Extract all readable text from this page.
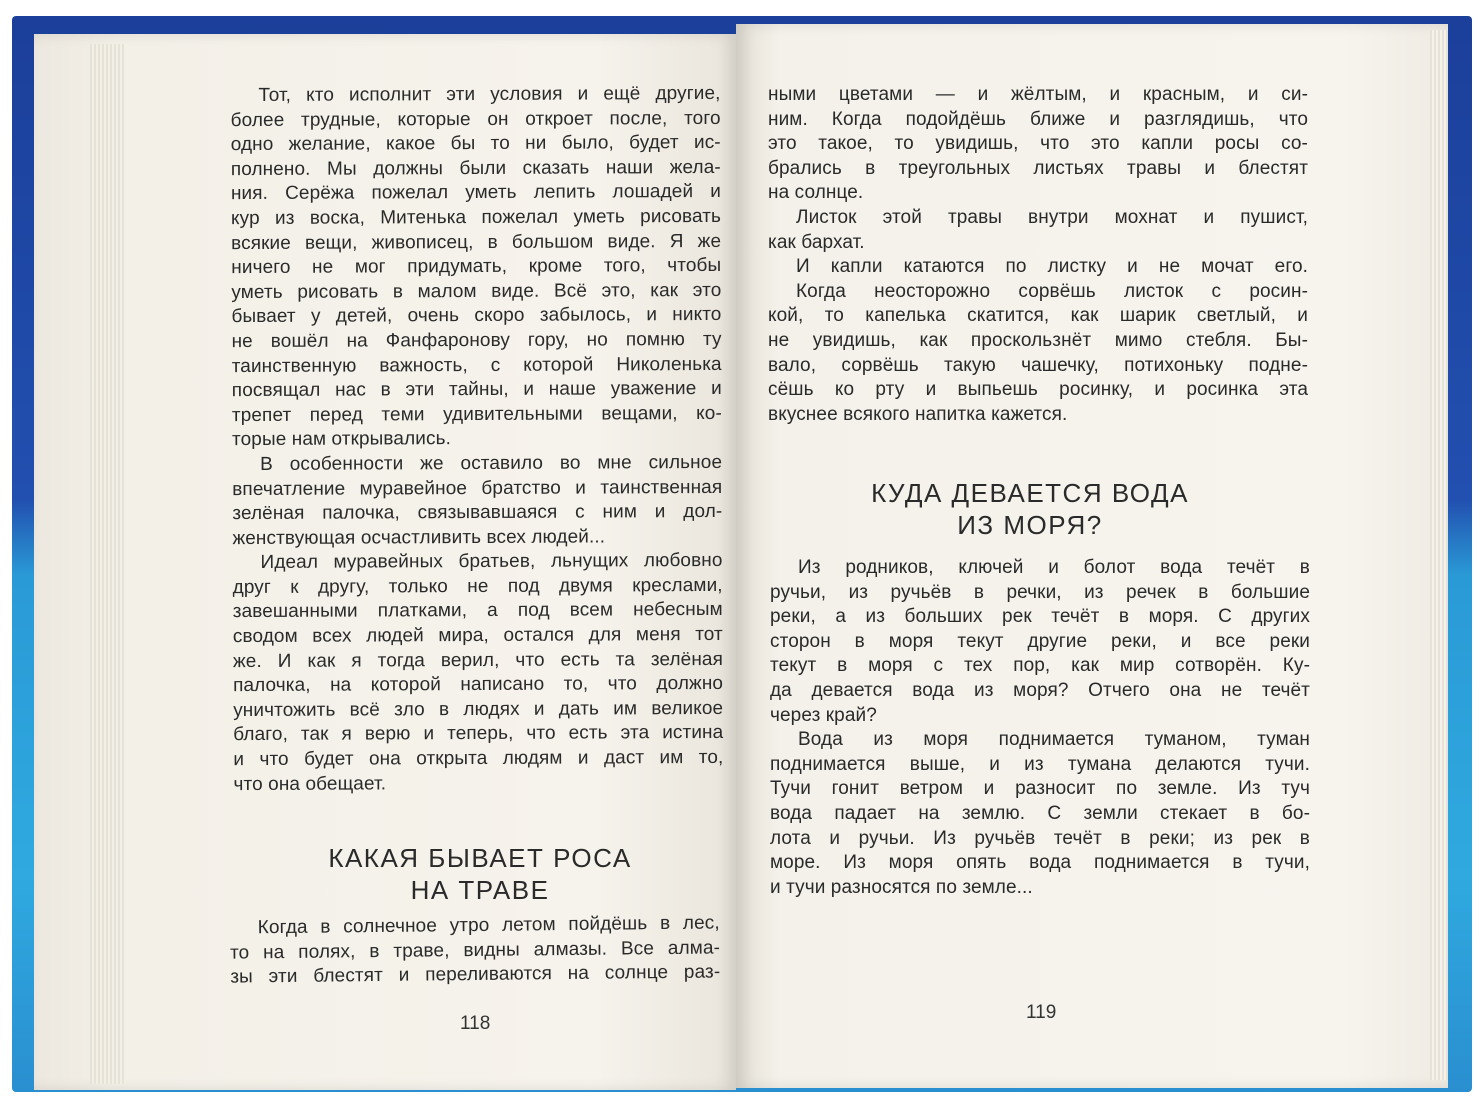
Тот, кто исполнит эти условия и ещё другие,
более трудные, которые он откроет после, того
одно желание, какое бы то ни было, будет ис-
полнено. Мы должны были сказать наши жела-
ния. Серёжа пожелал уметь лепить лошадей и
кур из воска, Митенька пожелал уметь рисовать
всякие вещи, живописец, в большом виде. Я же
ничего не мог придумать, кроме того, чтобы
уметь рисовать в малом виде. Всё это, как это
бывает у детей, очень скоро забылось, и никто
не вошёл на Фанфаронову гору, но помню ту
таинственную важность, с которой Николенька
посвящал нас в эти тайны, и наше уважение и
трепет перед теми удивительными вещами, ко-
торые нам открывались.
В особенности же оставило во мне сильное
впечатление муравейное братство и таинственная
зелёная палочка, связывавшаяся с ним и дол-
женствующая осчастливить всех людей...
Идеал муравейных братьев, льнущих любовно
друг к другу, только не под двумя креслами,
завешанными платками, а под всем небесным
сводом всех людей мира, остался для меня тот
же. И как я тогда верил, что есть та зелёная
палочка, на которой написано то, что должно
уничтожить всё зло в людях и дать им великое
благо, так я верю и теперь, что есть эта истина
и что будет она открыта людям и даст им то,
что она обещает.
КАКАЯ БЫВАЕТ РОСА
НА ТРАВЕ
Когда в солнечное утро летом пойдёшь в лес,
то на полях, в траве, видны алмазы. Все алма-
зы эти блестят и переливаются на солнце раз-
118
ными цветами — и жёлтым, и красным, и си-
ним. Когда подойдёшь ближе и разглядишь, что
это такое, то увидишь, что это капли росы со-
брались в треугольных листьях травы и блестят
на солнце.
Листок этой травы внутри мохнат и пушист,
как бархат.
И капли катаются по листку и не мочат его.
Когда неосторожно сорвёшь листок с росин-
кой, то капелька скатится, как шарик светлый, и
не увидишь, как проскользнёт мимо стебля. Бы-
вало, сорвёшь такую чашечку, потихоньку подне-
сёшь ко рту и выпьешь росинку, и росинка эта
вкуснее всякого напитка кажется.
КУДА ДЕВАЕТСЯ ВОДА
ИЗ МОРЯ?
Из родников, ключей и болот вода течёт в
ручьи, из ручьёв в речки, из речек в большие
реки, а из больших рек течёт в моря. С других
сторон в моря текут другие реки, и все реки
текут в моря с тех пор, как мир сотворён. Ку-
да девается вода из моря? Отчего она не течёт
через край?
Вода из моря поднимается туманом, туман
поднимается выше, и из тумана делаются тучи.
Тучи гонит ветром и разносит по земле. Из туч
вода падает на землю. С земли стекает в бо-
лота и ручьи. Из ручьёв течёт в реки; из рек в
море. Из моря опять вода поднимается в тучи,
и тучи разносятся по земле...
119
